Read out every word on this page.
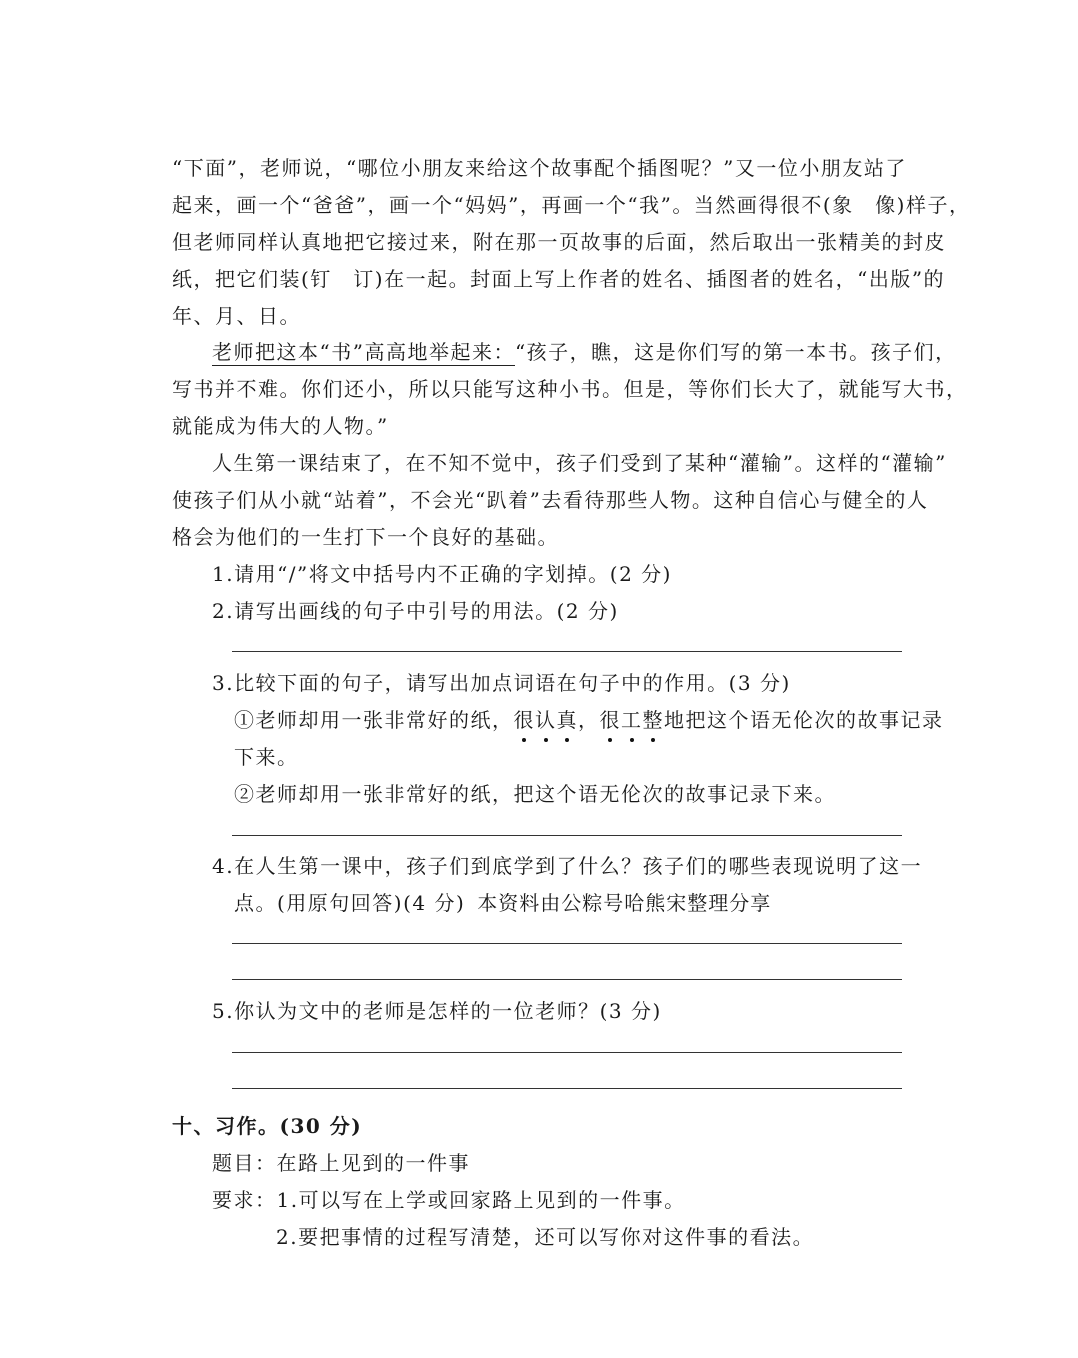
“下面”，老师说，“哪位小朋友来给这个故事配个插图呢？”又一位小朋友站了
起来，画一个“爸爸”，画一个“妈妈”，再画一个“我”。当然画得很不(象　像)样子，
但老师同样认真地把它接过来，附在那一页故事的后面，然后取出一张精美的封皮
纸，把它们装(钉　订)在一起。封面上写上作者的姓名、插图者的姓名，“出版”的
年、月、日。
老师把这本“书”高高地举起来：“孩子，瞧，这是你们写的第一本书。孩子们，
写书并不难。你们还小，所以只能写这种小书。但是，等你们长大了，就能写大书，
就能成为伟大的人物。”
人生第一课结束了，在不知不觉中，孩子们受到了某种“灌输”。这样的“灌输”
使孩子们从小就“站着”，不会光“趴着”去看待那些人物。这种自信心与健全的人
格会为他们的一生打下一个良好的基础。
1.请用“/”将文中括号内不正确的字划掉。(2 分)
2.请写出画线的句子中引号的用法。(2 分)
3.比较下面的句子，请写出加点词语在句子中的作用。(3 分)
①老师却用一张非常好的纸，很认真，很工整地把这个语无伦次的故事记录
下来。
②老师却用一张非常好的纸，把这个语无伦次的故事记录下来。
4.在人生第一课中，孩子们到底学到了什么？孩子们的哪些表现说明了这一
点。(用原句回答)(4 分) 本资料由公粽号哈熊宋整理分享
5.你认为文中的老师是怎样的一位老师？(3 分)
十、习作。(30 分)
题目：在路上见到的一件事
要求：1.可以写在上学或回家路上见到的一件事。
2.要把事情的过程写清楚，还可以写你对这件事的看法。
